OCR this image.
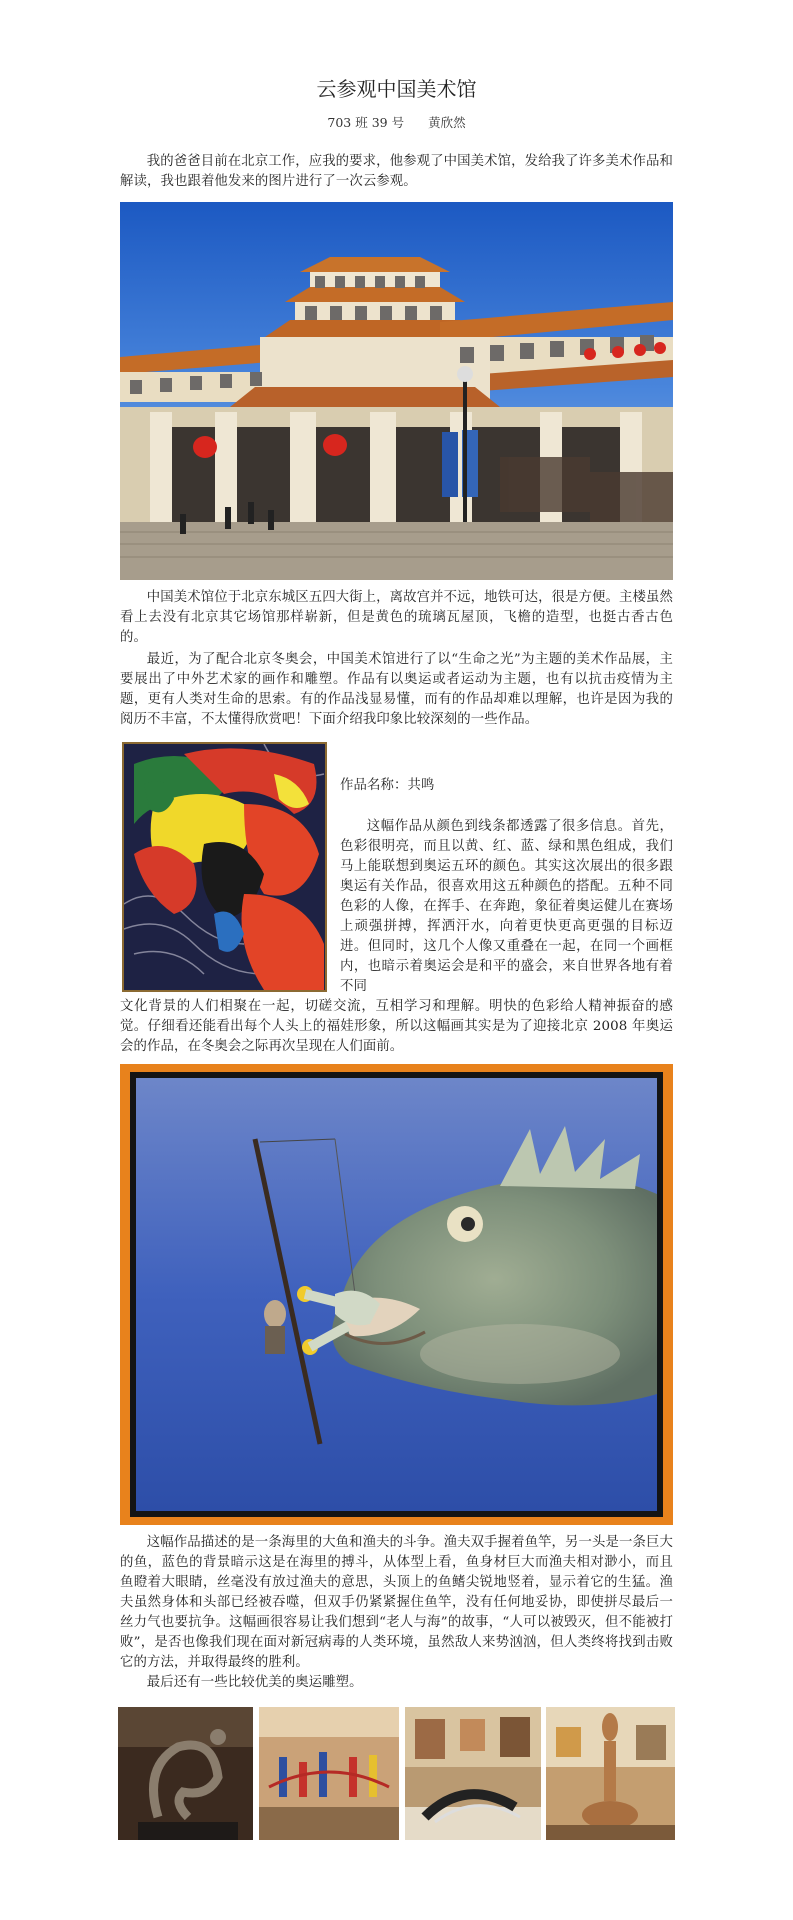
云参观中国美术馆
703 班 39 号 黄欣然

我的爸爸目前在北京工作，应我的要求，他参观了中国美术馆，发给我了许多美术作品和解读，我也跟着他发来的图片进行了一次云参观。

中国美术馆位于北京东城区五四大街上，离故宫并不远，地铁可达，很是方便。主楼虽然看上去没有北京其它场馆那样崭新，但是黄色的琉璃瓦屋顶，飞檐的造型，也挺古香古色的。

最近，为了配合北京冬奥会，中国美术馆进行了以“生命之光”为主题的美术作品展，主要展出了中外艺术家的画作和雕塑。作品有以奥运或者运动为主题，也有以抗击疫情为主题，更有人类对生命的思索。有的作品浅显易懂，而有的作品却难以理解，也许是因为我的阅历不丰富，不太懂得欣赏吧！下面介绍我印象比较深刻的一些作品。

作品名称：共鸣

这幅作品从颜色到线条都透露了很多信息。首先，色彩很明亮，而且以黄、红、蓝、绿和黑色组成，我们马上能联想到奥运五环的颜色。其实这次展出的很多跟奥运有关作品，很喜欢用这五种颜色的搭配。五种不同色彩的人像，在挥手、在奔跑，象征着奥运健儿在赛场上顽强拼搏，挥洒汗水，向着更快更高更强的目标迈进。但同时，这几个人像又重叠在一起，在同一个画框内，也暗示着奥运会是和平的盛会，来自世界各地有着不同

文化背景的人们相聚在一起，切磋交流，互相学习和理解。明快的色彩给人精神振奋的感觉。仔细看还能看出每个人头上的福娃形象，所以这幅画其实是为了迎接北京 2008 年奥运会的作品，在冬奥会之际再次呈现在人们面前。

这幅作品描述的是一条海里的大鱼和渔夫的斗争。渔夫双手握着鱼竿，另一头是一条巨大的鱼，蓝色的背景暗示这是在海里的搏斗，从体型上看，鱼身材巨大而渔夫相对渺小，而且鱼瞪着大眼睛，丝毫没有放过渔夫的意思，头顶上的鱼鳍尖锐地竖着，显示着它的生猛。渔夫虽然身体和头部已经被吞噬，但双手仍紧紧握住鱼竿，没有任何地妥协，即使拼尽最后一丝力气也要抗争。这幅画很容易让我们想到“老人与海”的故事，“人可以被毁灭，但不能被打败”，是否也像我们现在面对新冠病毒的人类环境，虽然敌人来势汹汹，但人类终将找到击败它的方法，并取得最终的胜利。

最后还有一些比较优美的奥运雕塑。
